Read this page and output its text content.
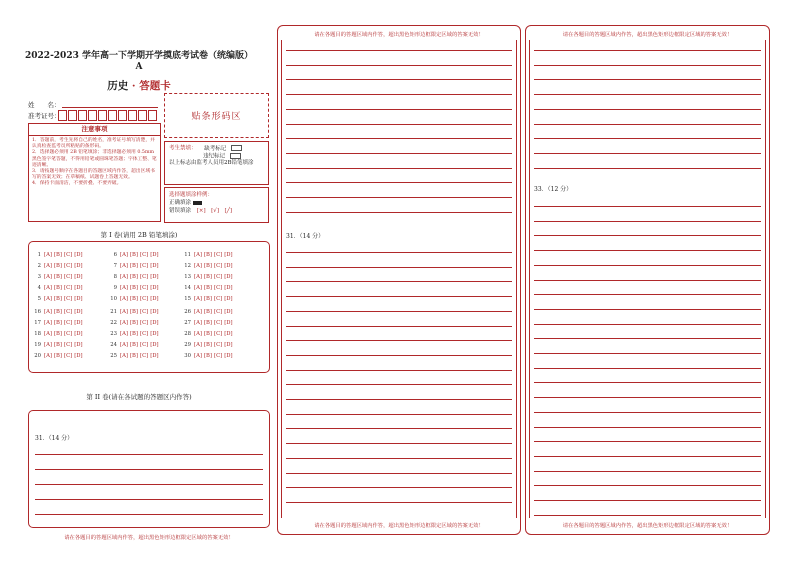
2022-2023 学年高一下学期开学摸底考试卷（统编版）
A
历史 · 答题卡
姓　　名：
准考证号：	贴条形码区
注意事项
1．答题前，考生先将自己的姓名，准考证号填写清楚，并认真检查监考员所粘贴的条形码。
2．选择题必须用 2B 铅笔填涂；非选择题必须用 0.5mm 黑色签字笔答题，不得用铅笔或圆珠笔答题；字体工整、笔迹清晰。
3．请按题号顺序在各题目的答题区域内作答，超出区域书写的答案无效；在草稿纸、试题卷上答题无效。
4．保持卡面清洁，不要折叠、不要弄破。
考生禁填： 缺考标记
违纪标记
以上标志由监考人员用2B铅笔填涂
选择题填涂样例：
正确填涂
错误填涂 [×]　[√]　[╱]
第 I 卷(请用 2B 铅笔填涂)
1 [A] [B] [C] [D]
2 [A] [B] [C] [D]
3 [A] [B] [C] [D]
4 [A] [B] [C] [D]
5 [A] [B] [C] [D]
6 [A] [B] [C] [D]
7 [A] [B] [C] [D]
8 [A] [B] [C] [D]
9 [A] [B] [C] [D]
10 [A] [B] [C] [D]
11 [A] [B] [C] [D]
12 [A] [B] [C] [D]
13 [A] [B] [C] [D]
14 [A] [B] [C] [D]
15 [A] [B] [C] [D]
16 [A] [B] [C] [D]
17 [A] [B] [C] [D]
18 [A] [B] [C] [D]
19 [A] [B] [C] [D]
20 [A] [B] [C] [D]
21 [A] [B] [C] [D]
22 [A] [B] [C] [D]
23 [A] [B] [C] [D]
24 [A] [B] [C] [D]
25 [A] [B] [C] [D]
26 [A] [B] [C] [D]
27 [A] [B] [C] [D]
28 [A] [B] [C] [D]
29 [A] [B] [C] [D]
30 [A] [B] [C] [D]
第 II 卷(请在各试题的答题区内作答)
31．（14 分）
请在各题目的答题区域内作答，超出黑色矩形边框限定区域的答案无效！
请在各题目的答题区域内作答，超出黑色矩形边框限定区域的答案无效！
31．（14 分）
请在各题目的答题区域内作答，超出黑色矩形边框限定区域的答案无效！
请在各题目的答题区域内作答，超出黑色矩形边框限定区域的答案无效！
33．（12 分）
请在各题目的答题区域内作答，超出黑色矩形边框限定区域的答案无效！
